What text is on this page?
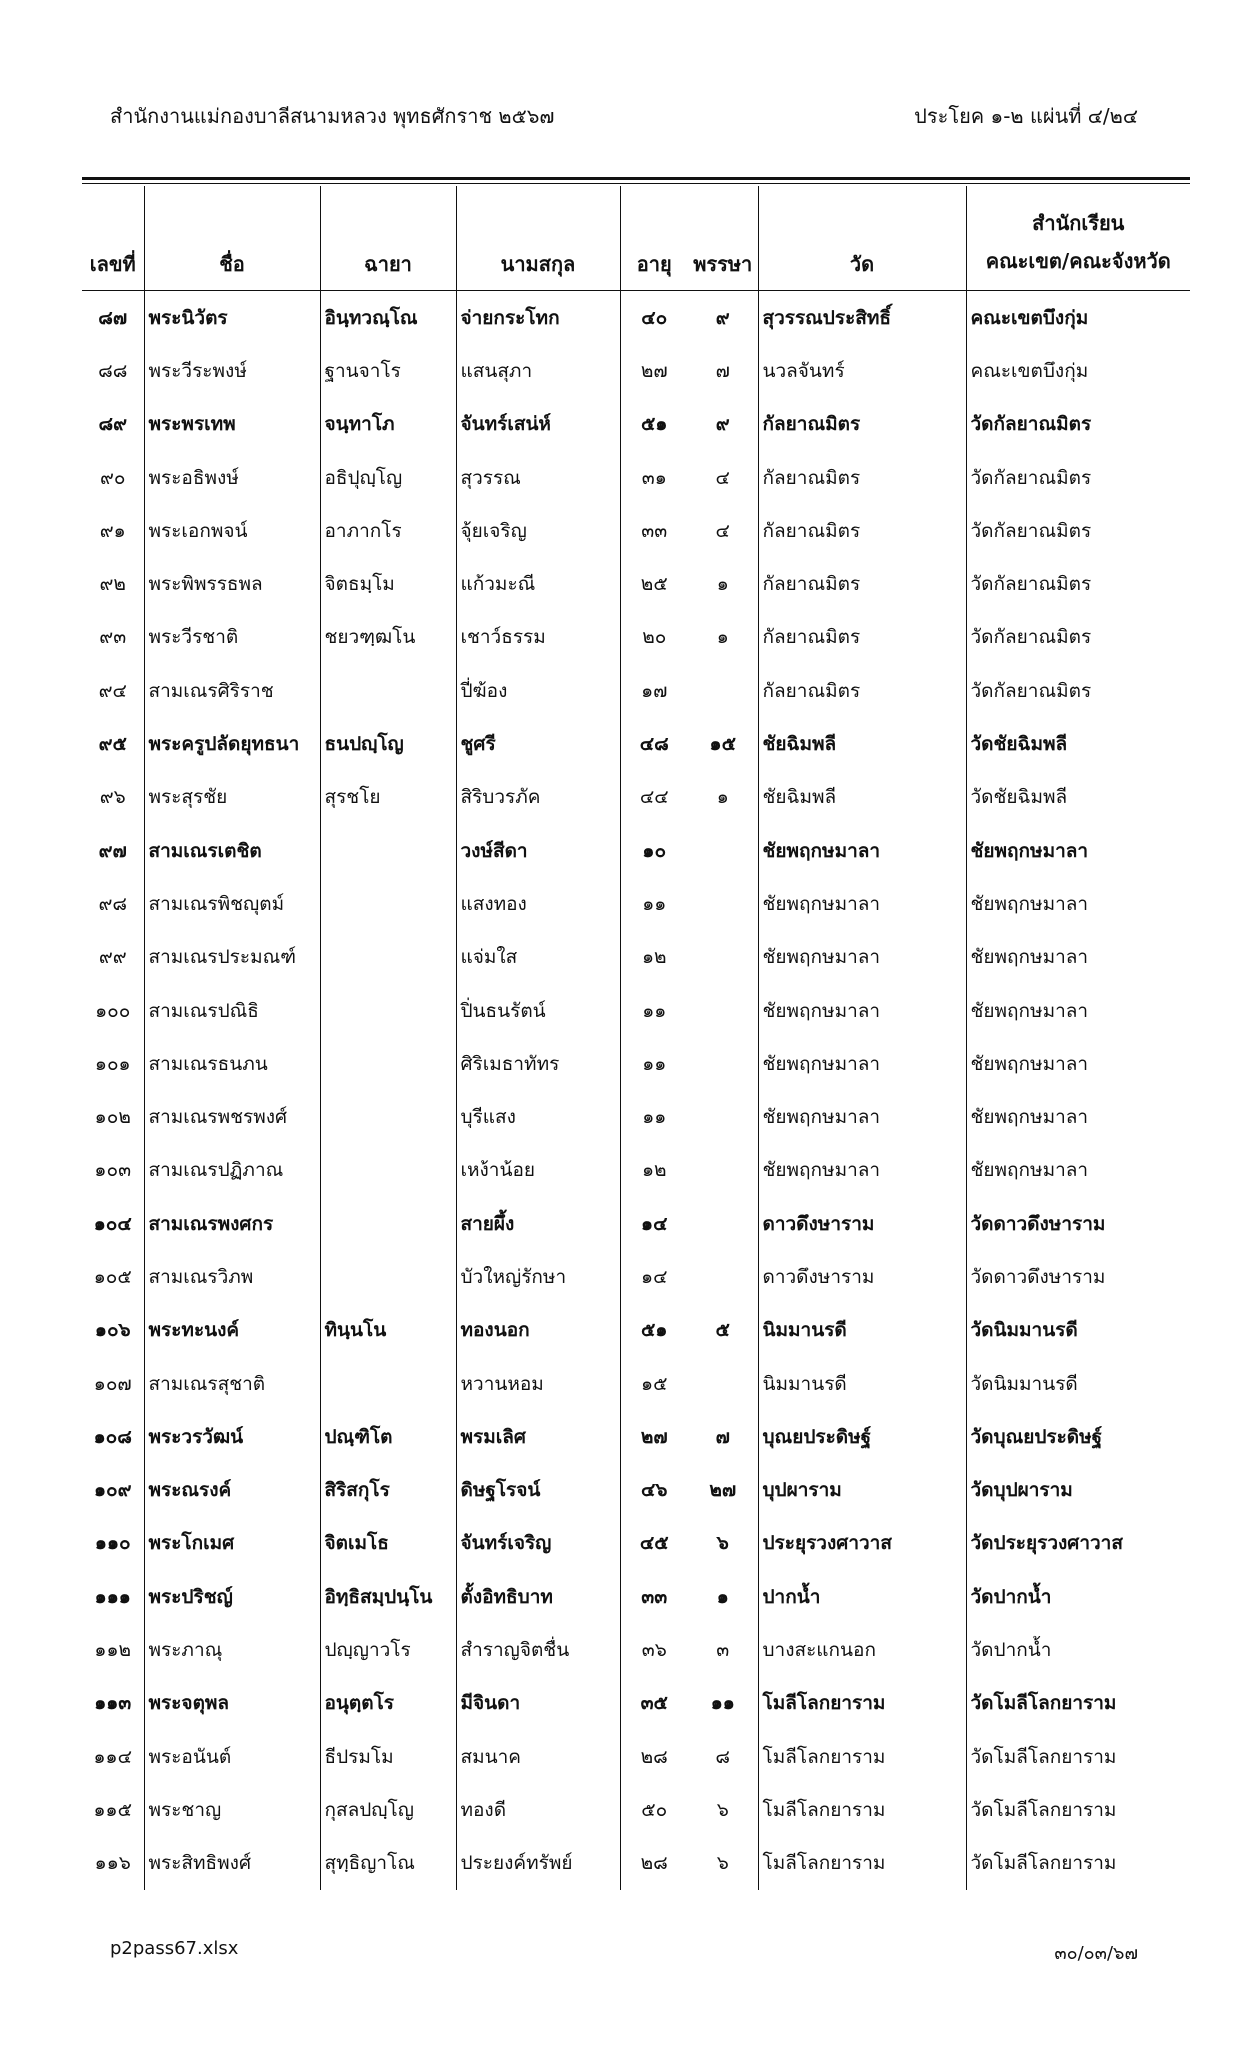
สำนักงานแม่กองบาลีสนามหลวง พุทธศักราช ๒๕๖๗	ประโยค ๑-๒ แผ่นที่ ๔/๒๔
เลขที่	ชื่อ	ฉายา	นามสกุล	อายุ	พรรษา	วัด	สำนักเรียน
คณะเขต/คณะจังหวัด

๘๗	พระนิวัตร	อินฺทวณฺโณ	จ่ายกระโทก	๔๐	๙	สุวรรณประสิทธิ์	คณะเขตบึงกุ่ม
๘๘	พระวีระพงษ์	ฐานจาโร	แสนสุภา	๒๗	๗	นวลจันทร์	คณะเขตบึงกุ่ม
๘๙	พระพรเทพ	จนฺทาโภ	จันทร์เสน่ห์	๕๑	๙	กัลยาณมิตร	วัดกัลยาณมิตร
๙๐	พระอธิพงษ์	อธิปุญฺโญ	สุวรรณ	๓๑	๔	กัลยาณมิตร	วัดกัลยาณมิตร
๙๑	พระเอกพจน์	อาภากโร	จุ้ยเจริญ	๓๓	๔	กัลยาณมิตร	วัดกัลยาณมิตร
๙๒	พระพิพรรธพล	จิตธมฺโม	แก้วมะณี	๒๕	๑	กัลยาณมิตร	วัดกัลยาณมิตร
๙๓	พระวีรชาติ	ชยวฑฺฒโน	เชาว์ธรรม	๒๐	๑	กัลยาณมิตร	วัดกัลยาณมิตร
๙๔	สามเณรศิริราช		ปี่ฆ้อง	๑๗		กัลยาณมิตร	วัดกัลยาณมิตร
๙๕	พระครูปลัดยุทธนา	ธนปญฺโญ	ชูศรี	๔๘	๑๕	ชัยฉิมพลี	วัดชัยฉิมพลี
๙๖	พระสุรชัย	สุรชโย	สิริบวรภัค	๔๔	๑	ชัยฉิมพลี	วัดชัยฉิมพลี
๙๗	สามเณรเตชิต		วงษ์สีดา	๑๐		ชัยพฤกษมาลา	ชัยพฤกษมาลา
๙๘	สามเณรพิชญุตม์		แสงทอง	๑๑		ชัยพฤกษมาลา	ชัยพฤกษมาลา
๙๙	สามเณรประมณฑ์		แจ่มใส	๑๒		ชัยพฤกษมาลา	ชัยพฤกษมาลา
๑๐๐	สามเณรปณิธิ		ปิ่นธนรัตน์	๑๑		ชัยพฤกษมาลา	ชัยพฤกษมาลา
๑๐๑	สามเณรธนภน		ศิริเมธาทัทร	๑๑		ชัยพฤกษมาลา	ชัยพฤกษมาลา
๑๐๒	สามเณรพชรพงศ์		บุรีแสง	๑๑		ชัยพฤกษมาลา	ชัยพฤกษมาลา
๑๐๓	สามเณรปฏิภาณ		เหง้าน้อย	๑๒		ชัยพฤกษมาลา	ชัยพฤกษมาลา
๑๐๔	สามเณรพงศกร		สายผึ้ง	๑๔		ดาวดึงษาราม	วัดดาวดึงษาราม
๑๐๕	สามเณรวิภพ		บัวใหญ่รักษา	๑๔		ดาวดึงษาราม	วัดดาวดึงษาราม
๑๐๖	พระทะนงค์	ทินฺนโน	ทองนอก	๕๑	๕	นิมมานรดี	วัดนิมมานรดี
๑๐๗	สามเณรสุชาติ		หวานหอม	๑๕		นิมมานรดี	วัดนิมมานรดี
๑๐๘	พระวรวัฒน์	ปณฺฑิโต	พรมเลิศ	๒๗	๗	บุณยประดิษฐ์	วัดบุณยประดิษฐ์
๑๐๙	พระณรงค์	สิริสกุโร	ดิษฐโรจน์	๔๖	๒๗	บุปผาราม	วัดบุปผาราม
๑๑๐	พระโกเมศ	จิตเมโธ	จันทร์เจริญ	๔๕	๖	ประยุรวงศาวาส	วัดประยุรวงศาวาส
๑๑๑	พระปริชญ์	อิทฺธิสมฺปนฺโน	ตั้งอิทธิบาท	๓๓	๑	ปากน้ำ	วัดปากน้ำ
๑๑๒	พระภาณุ	ปญฺญาวโร	สำราญจิตชื่น	๓๖	๓	บางสะแกนอก	วัดปากน้ำ
๑๑๓	พระจตุพล	อนุตฺตโร	มีจินดา	๓๕	๑๑	โมลีโลกยาราม	วัดโมลีโลกยาราม
๑๑๔	พระอนันต์	ธีปรมโม	สมนาค	๒๘	๘	โมลีโลกยาราม	วัดโมลีโลกยาราม
๑๑๕	พระชาญ	กุสลปญฺโญ	ทองดี	๕๐	๖	โมลีโลกยาราม	วัดโมลีโลกยาราม
๑๑๖	พระสิทธิพงศ์	สุทฺธิญาโณ	ประยงค์ทรัพย์	๒๘	๖	โมลีโลกยาราม	วัดโมลีโลกยาราม
p2pass67.xlsx	๓๐/๐๓/๖๗
